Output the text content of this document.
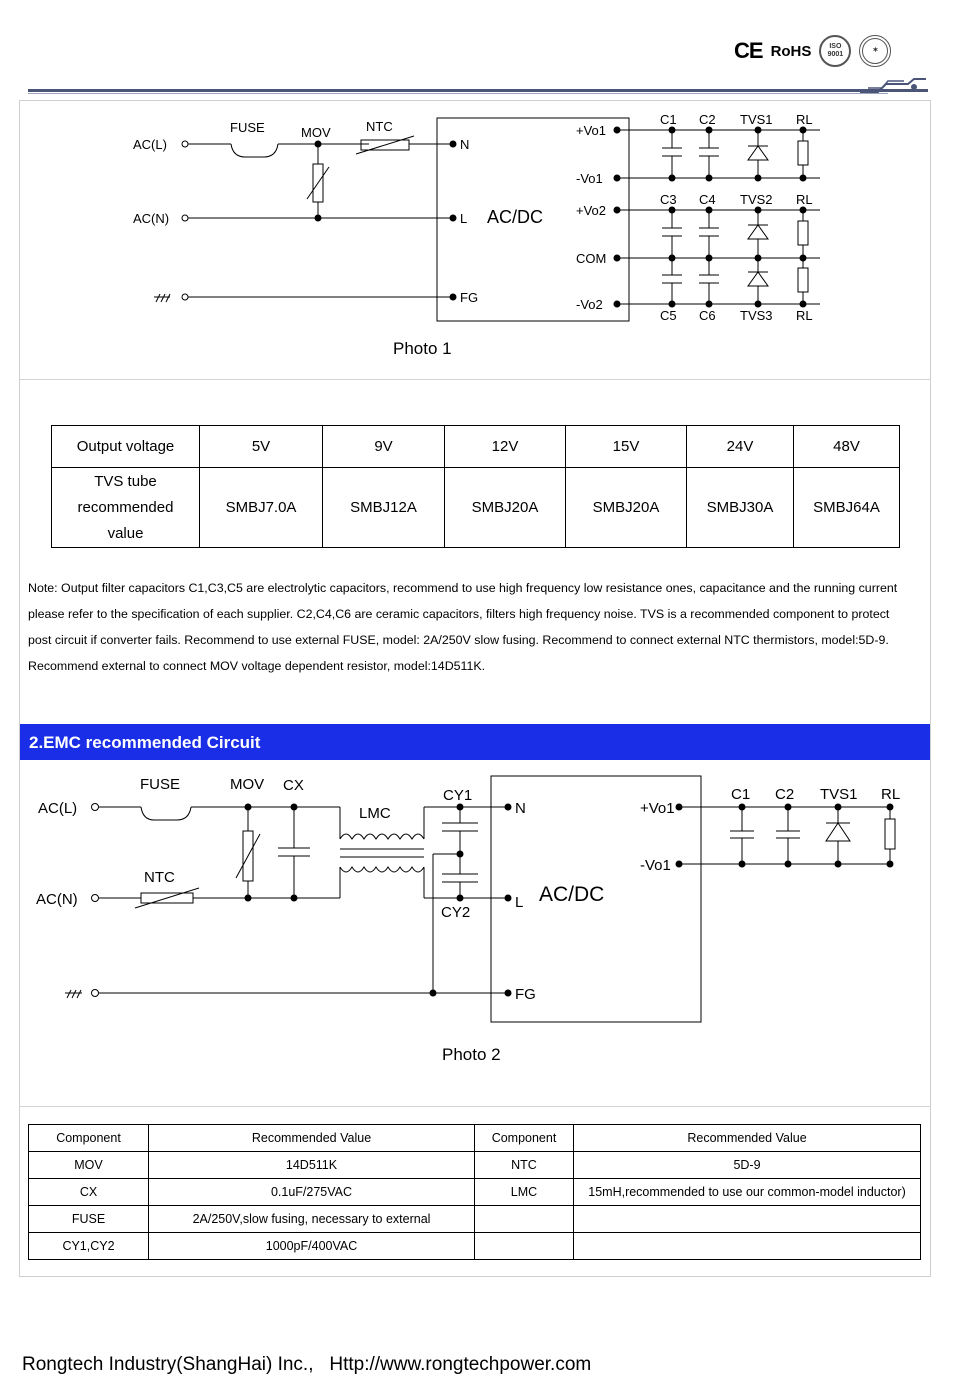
CE RoHS	ISO
9001
✶
FUSE	MOV	NTC
AC(L)
AC(N)
N
L
FG
AC/DC
+Vo1
-Vo1
+Vo2
COM
-Vo2
C1 C2 TVS1 RL
C3 C4 TVS2 RL
C5 C6 TVS3 RL
Photo 1
Output voltage	5V	9V	12V	15V	24V	48V

TVS tube
recommended
value	SMBJ7.0A	SMBJ12A	SMBJ20A	SMBJ20A	SMBJ30A	SMBJ64A
Note: Output filter capacitors C1,C3,C5 are electrolytic capacitors, recommend to use high frequency low resistance ones, capacitance and the running current
please refer to the specification of each supplier. C2,C4,C6 are ceramic capacitors, filters high frequency noise. TVS is a recommended component to protect
post circuit if converter fails. Recommend to use external FUSE, model: 2A/250V slow fusing. Recommend to connect external NTC thermistors, model:5D-9.
Recommend external to connect MOV voltage dependent resistor, model:14D511K.
2.EMC recommended Circuit
FUSE	MOV CX
LMC
CY1
CY2
NTC
AC(L)
AC(N)
N
L
FG
AC/DC
+Vo1
-Vo1
C1 C2 TVS1 RL
Photo 2
Component	Recommended Value	Component	Recommended Value
MOV	14D511K	NTC	5D-9
CX	0.1uF/275VAC	LMC	15mH,recommended to use our common-model inductor)
FUSE	2A/250V,slow fusing, necessary to external		
CY1,CY2	1000pF/400VAC		
Rongtech Industry(ShangHai) Inc., Http://www.rongtechpower.com
